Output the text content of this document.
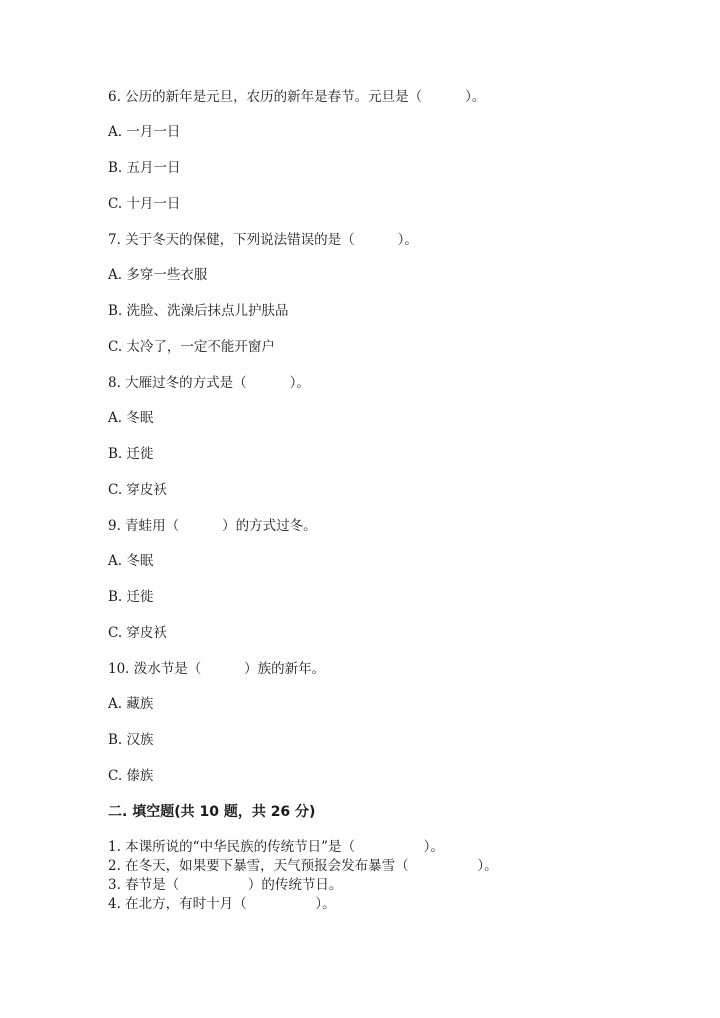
6. 公历的新年是元旦，农历的新年是春节。元旦是（          ）。
A. 一月一日
B. 五月一日
C. 十月一日
7. 关于冬天的保健，下列说法错误的是（          ）。
A. 多穿一些衣服
B. 洗脸、洗澡后抹点儿护肤品
C. 太冷了，一定不能开窗户
8. 大雁过冬的方式是（          ）。
A. 冬眠
B. 迁徙
C. 穿皮袄
9. 青蛙用（          ）的方式过冬。
A. 冬眠
B. 迁徙
C. 穿皮袄
10. 泼水节是（          ）族的新年。
A. 藏族
B. 汉族
C. 傣族
二. 填空题(共 10 题，共 26 分)
1. 本课所说的“中华民族的传统节日”是（                ）。
2. 在冬天，如果要下暴雪，天气预报会发布暴雪（                ）。
3. 春节是（                ）的传统节日。
4. 在北方，有时十月（                ）。
